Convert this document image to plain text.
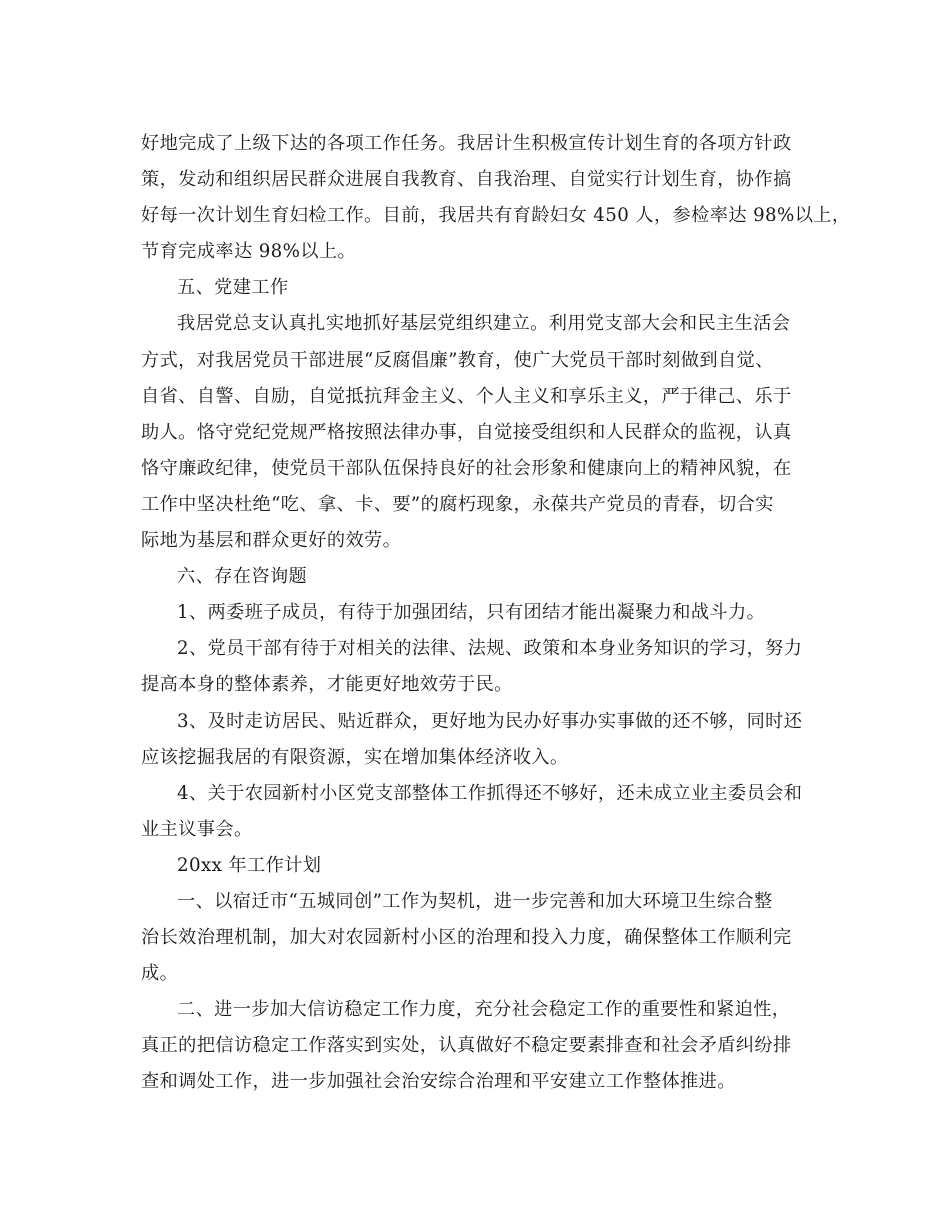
好地完成了上级下达的各项工作任务。我居计生积极宣传计划生育的各项方针政
策，发动和组织居民群众进展自我教育、自我治理、自觉实行计划生育，协作搞
好每一次计划生育妇检工作。目前，我居共有育龄妇女 450 人，参检率达 98%以上，
节育完成率达 98%以上。
五、党建工作
我居党总支认真扎实地抓好基层党组织建立。利用党支部大会和民主生活会
方式，对我居党员干部进展“反腐倡廉”教育，使广大党员干部时刻做到自觉、
自省、自警、自励，自觉抵抗拜金主义、个人主义和享乐主义，严于律己、乐于
助人。恪守党纪党规严格按照法律办事，自觉接受组织和人民群众的监视，认真
恪守廉政纪律，使党员干部队伍保持良好的社会形象和健康向上的精神风貌，在
工作中坚决杜绝“吃、拿、卡、要”的腐朽现象，永葆共产党员的青春，切合实
际地为基层和群众更好的效劳。
六、存在咨询题
1、两委班子成员，有待于加强团结，只有团结才能出凝聚力和战斗力。
2、党员干部有待于对相关的法律、法规、政策和本身业务知识的学习，努力
提高本身的整体素养，才能更好地效劳于民。
3、及时走访居民、贴近群众，更好地为民办好事办实事做的还不够，同时还
应该挖掘我居的有限资源，实在增加集体经济收入。
4、关于农园新村小区党支部整体工作抓得还不够好，还未成立业主委员会和
业主议事会。
20xx 年工作计划
一、以宿迁市“五城同创”工作为契机，进一步完善和加大环境卫生综合整
治长效治理机制，加大对农园新村小区的治理和投入力度，确保整体工作顺利完
成。
二、进一步加大信访稳定工作力度，充分社会稳定工作的重要性和紧迫性，
真正的把信访稳定工作落实到实处，认真做好不稳定要素排查和社会矛盾纠纷排
查和调处工作，进一步加强社会治安综合治理和平安建立工作整体推进。
